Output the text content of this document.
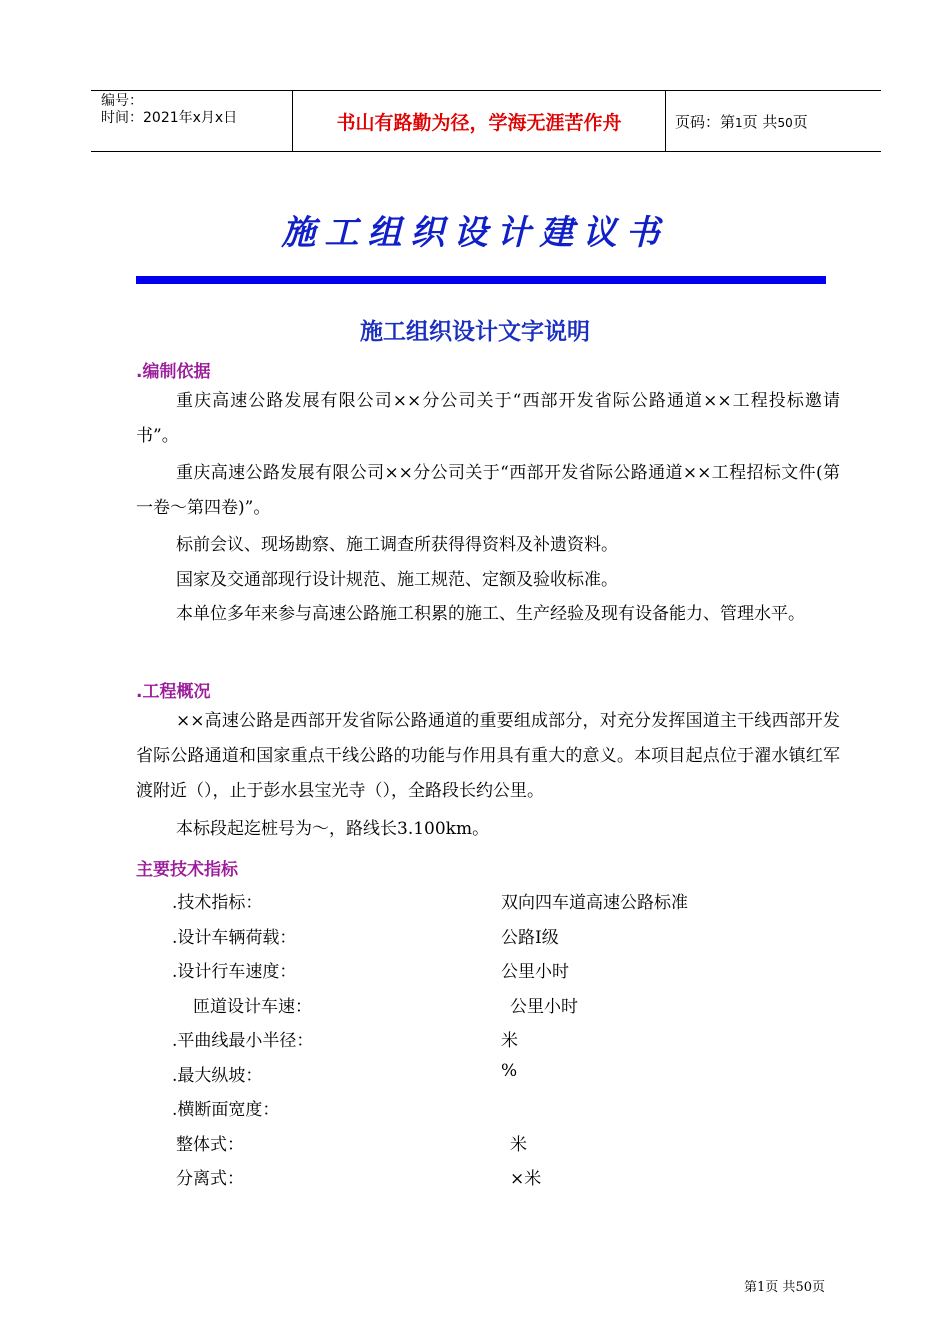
编号：
时间：2021年x月x日	书山有路勤为径，学海无涯苦作舟	页码：第1页 共50页
施工组织设计建议书
施工组织设计文字说明
.编制依据
重庆高速公路发展有限公司××分公司关于“西部开发省际公路通道××工程投标邀请书”。
重庆高速公路发展有限公司××分公司关于“西部开发省际公路通道××工程招标文件(第一卷～第四卷)”。
标前会议、现场勘察、施工调查所获得得资料及补遗资料。
国家及交通部现行设计规范、施工规范、定额及验收标准。
本单位多年来参与高速公路施工积累的施工、生产经验及现有设备能力、管理水平。
.工程概况
××高速公路是西部开发省际公路通道的重要组成部分，对充分发挥国道主干线西部开发省际公路通道和国家重点干线公路的功能与作用具有重大的意义。本项目起点位于濯水镇红军渡附近（），止于彭水县宝光寺（），全路段长约公里。
本标段起迄桩号为～，路线长3.100km。
主要技术指标
.技术指标：	双向四车道高速公路标准
.设计车辆荷载：	公路Ⅰ级
.设计行车速度：	公里小时
匝道设计车速：	公里小时
.平曲线最小半径：	米
.最大纵坡：	%
.横断面宽度：
整体式：	米
分离式：	×米
第1页 共50页
